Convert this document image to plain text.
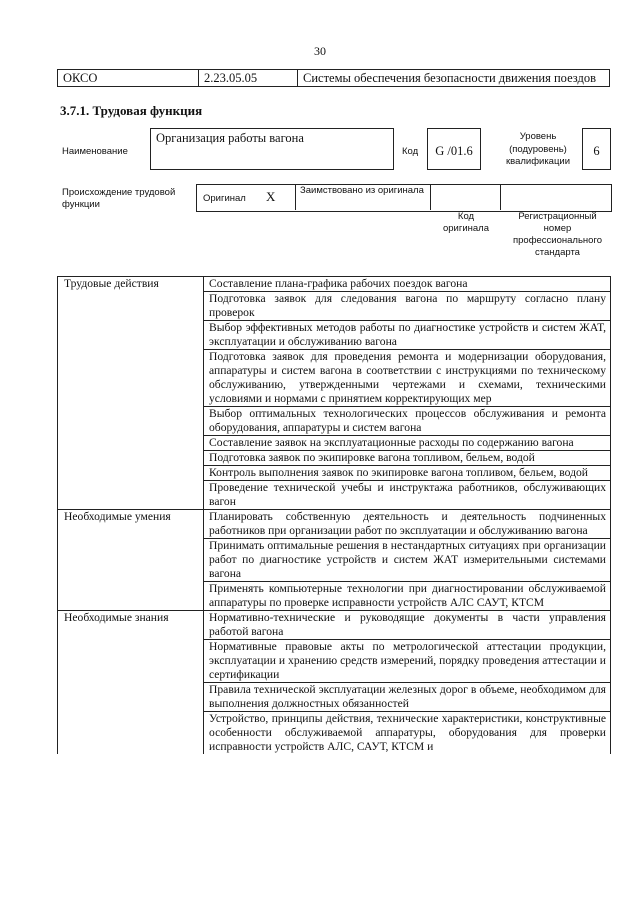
30
ОКСО	2.23.05.05	Системы обеспечения безопасности движения поездов
3.7.1. Трудовая функция
Наименование
Организация работы вагона
Код	G /01.6
Уровень (подуровень) квалификации
6
Происхождение трудовой функции
Оригинал X	Заимствовано из оригинала
Код оригинала
Регистрационный номер профессионального стандарта
Трудовые действия	Составление плана-графика рабочих поездок вагона
	Подготовка заявок для следования вагона по маршруту согласно плану проверок
	Выбор эффективных методов работы по диагностике устройств и систем ЖАТ, эксплуатации и обслуживанию вагона
	Подготовка заявок для проведения ремонта и модернизации оборудования, аппаратуры и систем вагона в соответствии с инструкциями по техническому обслуживанию, утвержденными чертежами и схемами, техническими условиями и нормами с принятием корректирующих мер
	Выбор оптимальных технологических процессов обслуживания и ремонта оборудования, аппаратуры и систем вагона
	Составление заявок на эксплуатационные расходы по содержанию вагона
	Подготовка заявок по экипировке вагона топливом, бельем, водой
	Контроль выполнения заявок по экипировке вагона топливом, бельем, водой
	Проведение технической учебы и инструктажа работников, обслуживающих вагон
Необходимые умения	Планировать собственную деятельность и деятельность подчиненных работников при организации работ по эксплуатации и обслуживанию вагона
	Принимать оптимальные решения в нестандартных ситуациях при организации работ по диагностике устройств и систем ЖАТ измерительными системами вагона
	Применять компьютерные технологии при диагностировании обслуживаемой аппаратуры по проверке исправности устройств АЛС САУТ, КТСМ
Необходимые знания	Нормативно-технические и руководящие документы в части управления работой вагона
	Нормативные правовые акты по метрологической аттестации продукции, эксплуатации и хранению средств измерений, порядку проведения аттестации и сертификации
	Правила технической эксплуатации железных дорог в объеме, необходимом для выполнения должностных обязанностей
	Устройство, принципы действия, технические характеристики, конструктивные особенности обслуживаемой аппаратуры, оборудования для проверки исправности устройств АЛС, САУТ, КТСМ и
